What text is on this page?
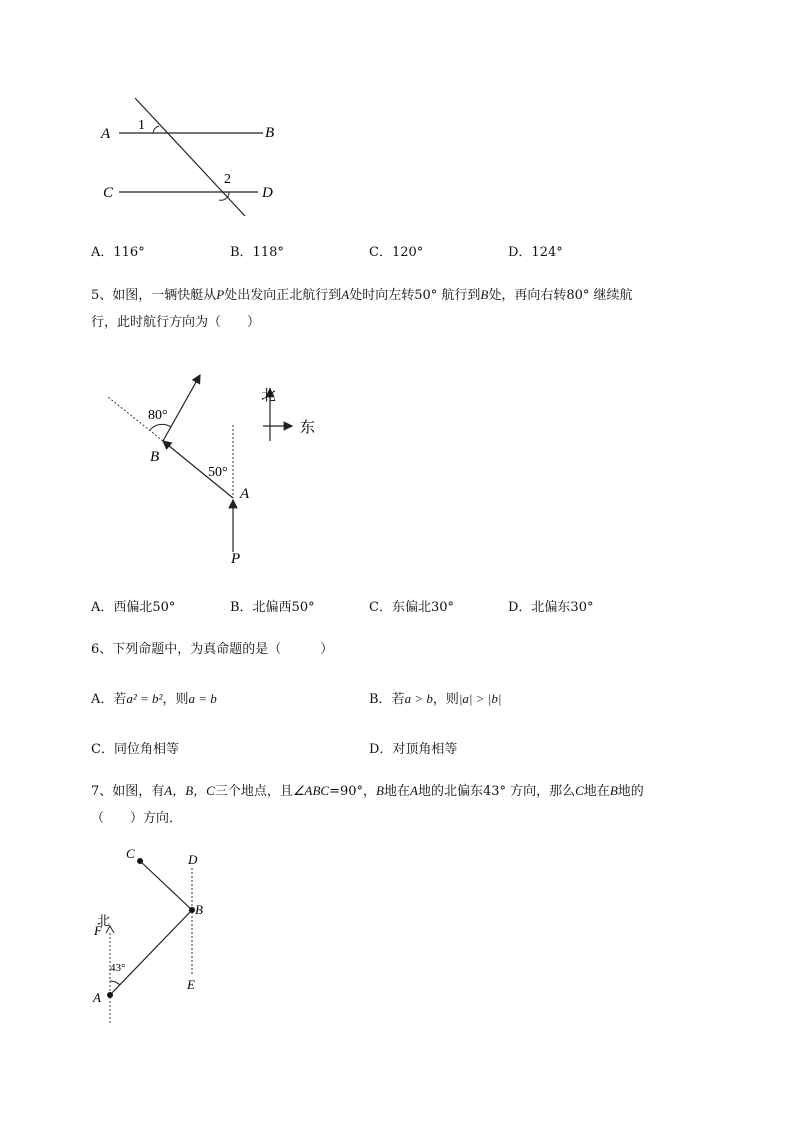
A	B
C	D
1
2
A．116°	B．118°	C．120°	D．124°
5、如图，一辆快艇从P处出发向正北航行到A处时向左转50° 航行到B处，再向右转80° 继续航
行，此时航行方向为（　　）
80°
50°
B
A
P
北
东
A．西偏北50°	B．北偏西50°	C．东偏北30°	D．北偏东30°
6、下列命题中，为真命题的是（　　　）
A．若a² = b²，则a = b	B．若a > b，则|a| > |b|
C．同位角相等	D．对顶角相等
7、如图，有A，B，C三个地点，且∠ABC=90°，B地在A地的北偏东43° 方向，那么C地在B地的
（　　）方向．
C	D
B
北
F
43°
A
E
